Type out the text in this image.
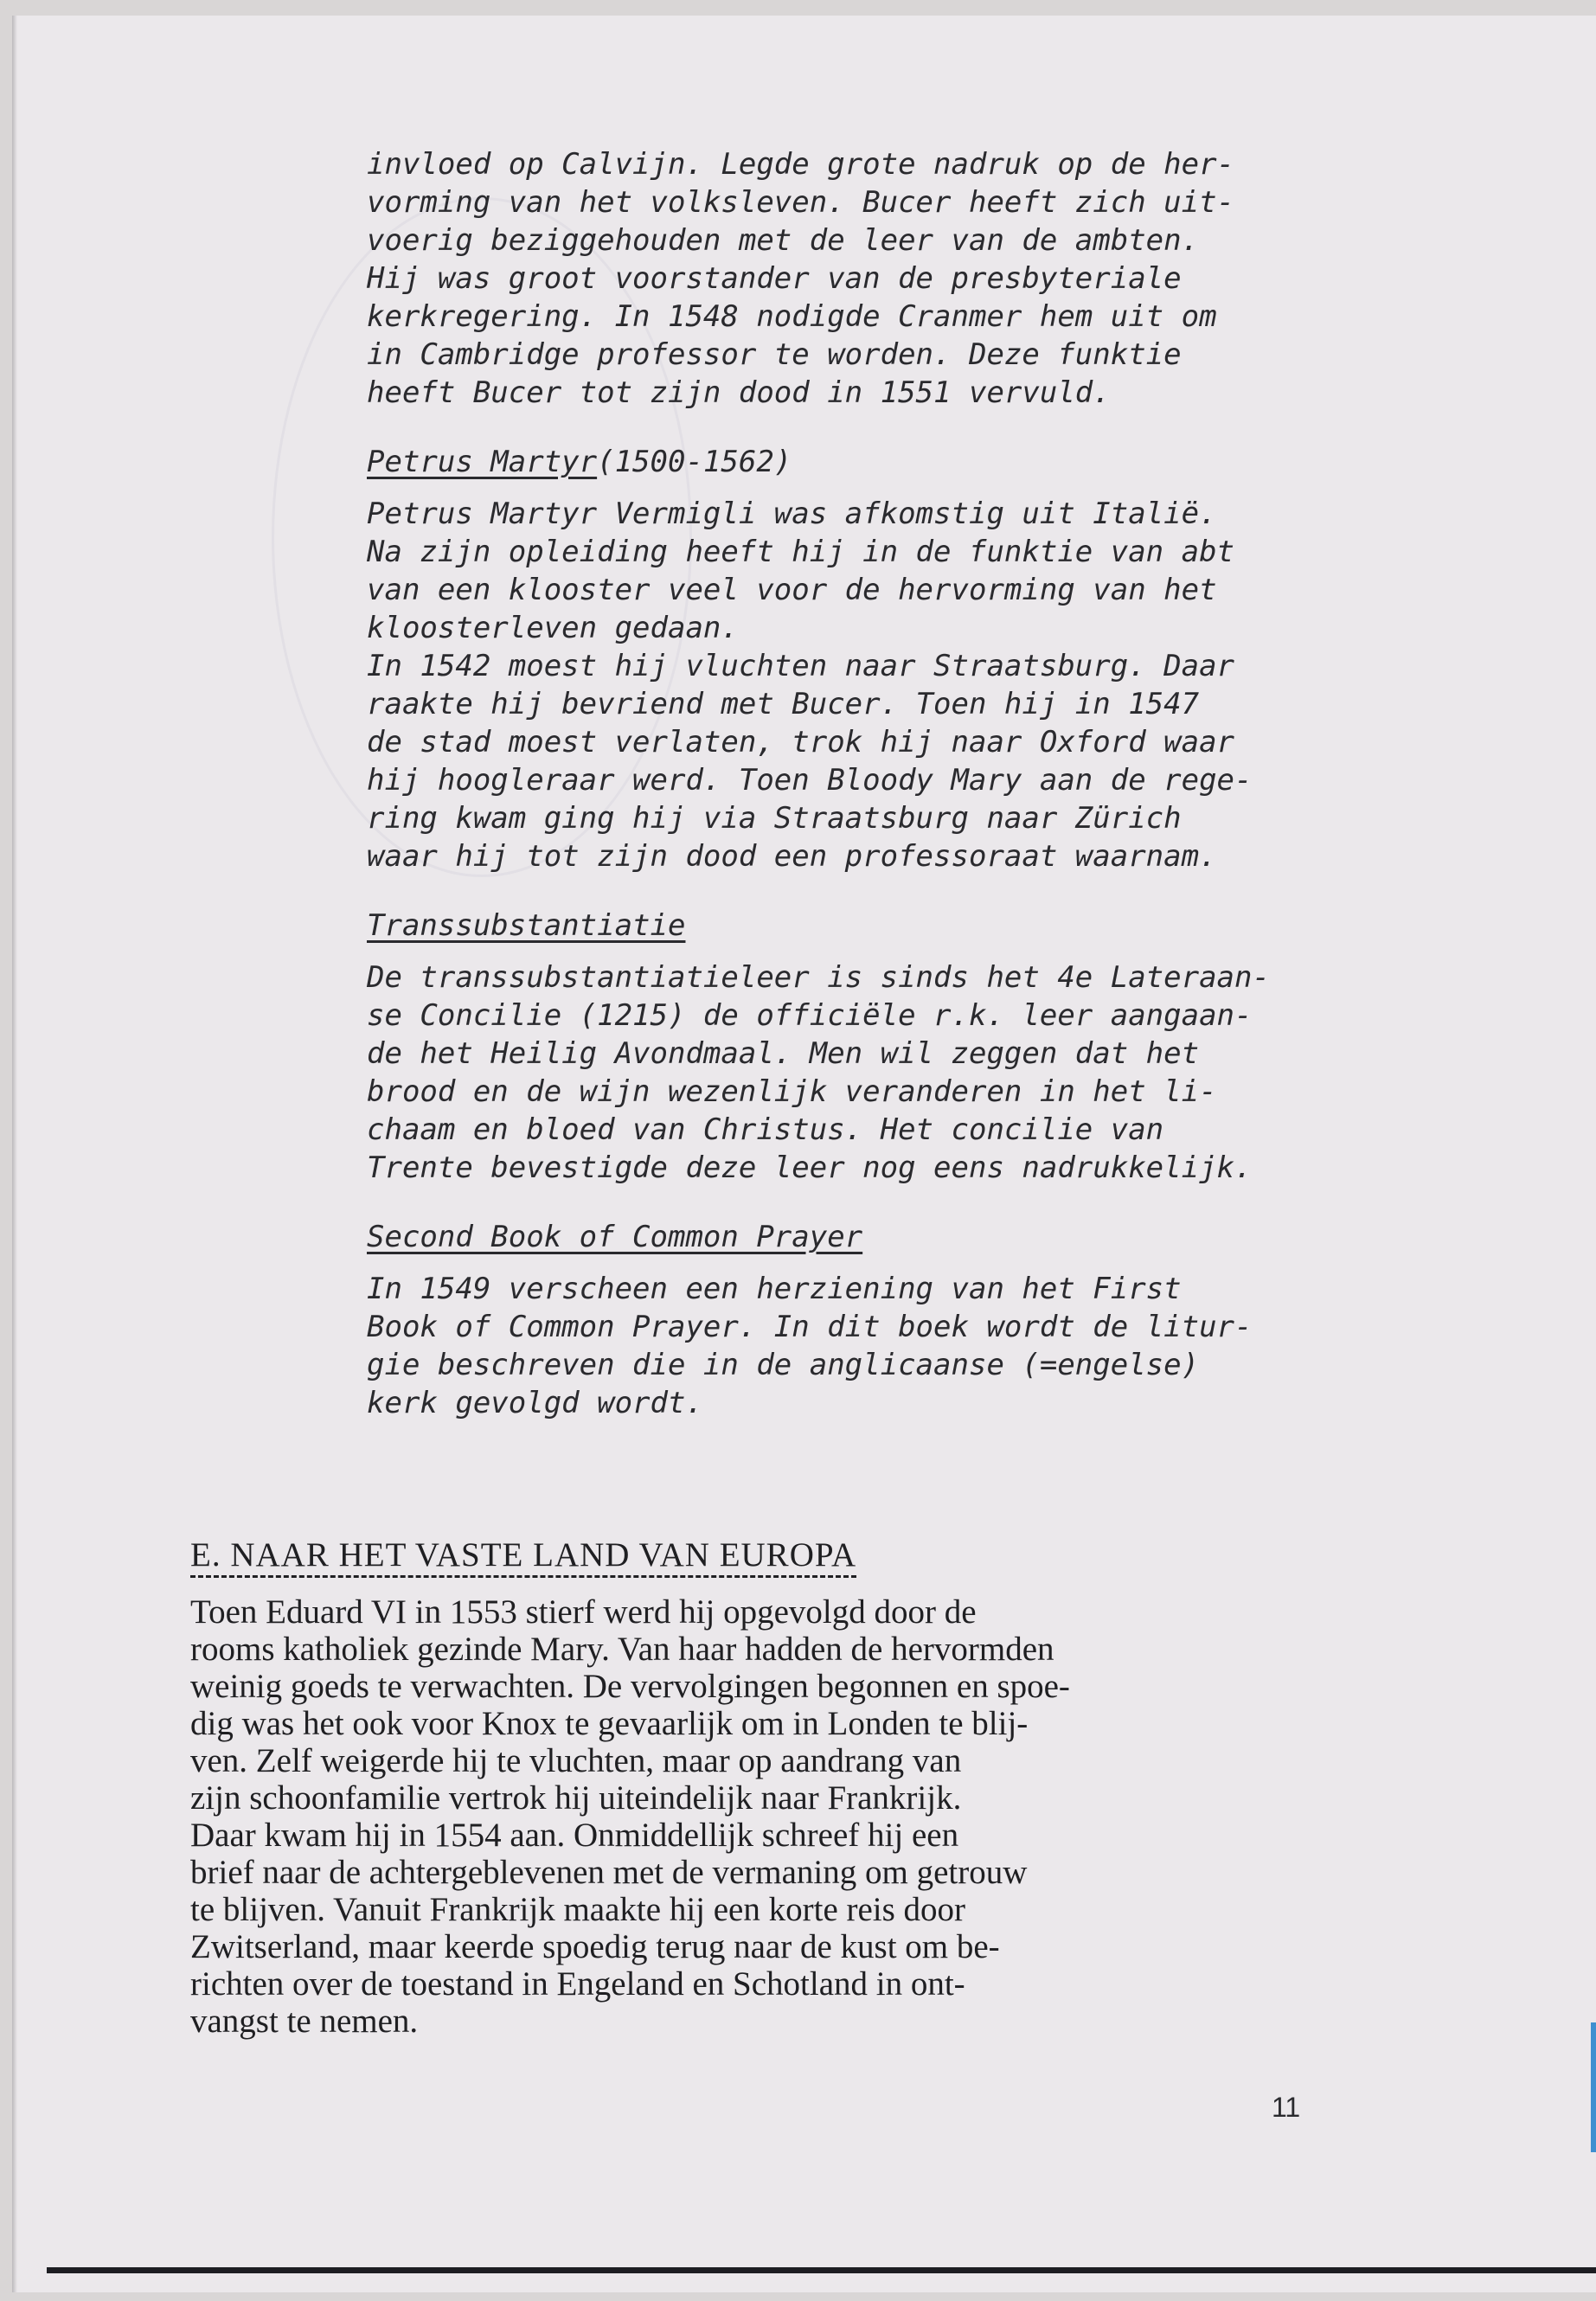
invloed op Calvijn. Legde grote nadruk op de her-
vorming van het volksleven. Bucer heeft zich uit-
voerig beziggehouden met de leer van de ambten.
Hij was groot voorstander van de presbyteriale
kerkregering. In 1548 nodigde Cranmer hem uit om
in Cambridge professor te worden. Deze funktie
heeft Bucer tot zijn dood in 1551 vervuld.
Petrus Martyr(1500-1562)
Petrus Martyr Vermigli was afkomstig uit Italië.
Na zijn opleiding heeft hij in de funktie van abt
van een klooster veel voor de hervorming van het
kloosterleven gedaan.
In 1542 moest hij vluchten naar Straatsburg. Daar
raakte hij bevriend met Bucer. Toen hij in 1547
de stad moest verlaten, trok hij naar Oxford waar
hij hoogleraar werd. Toen Bloody Mary aan de rege-
ring kwam ging hij via Straatsburg naar Zürich
waar hij tot zijn dood een professoraat waarnam.
Transsubstantiatie
De transsubstantiatieleer is sinds het 4e Lateraan-
se Concilie (1215) de officiële r.k. leer aangaan-
de het Heilig Avondmaal. Men wil zeggen dat het
brood en de wijn wezenlijk veranderen in het li-
chaam en bloed van Christus. Het concilie van
Trente bevestigde deze leer nog eens nadrukkelijk.
Second Book of Common Prayer
In 1549 verscheen een herziening van het First
Book of Common Prayer. In dit boek wordt de litur-
gie beschreven die in de anglicaanse (=engelse)
kerk gevolgd wordt.
E. NAAR HET VASTE LAND VAN EUROPA
Toen Eduard VI in 1553 stierf werd hij opgevolgd door de
rooms katholiek gezinde Mary. Van haar hadden de hervormden
weinig goeds te verwachten. De vervolgingen begonnen en spoe-
dig was het ook voor Knox te gevaarlijk om in Londen te blij-
ven. Zelf weigerde hij te vluchten, maar op aandrang van
zijn schoonfamilie vertrok hij uiteindelijk naar Frankrijk.
Daar kwam hij in 1554 aan. Onmiddellijk schreef hij een
brief naar de achtergeblevenen met de vermaning om getrouw
te blijven. Vanuit Frankrijk maakte hij een korte reis door
Zwitserland, maar keerde spoedig terug naar de kust om be-
richten over de toestand in Engeland en Schotland in ont-
vangst te nemen.
11
